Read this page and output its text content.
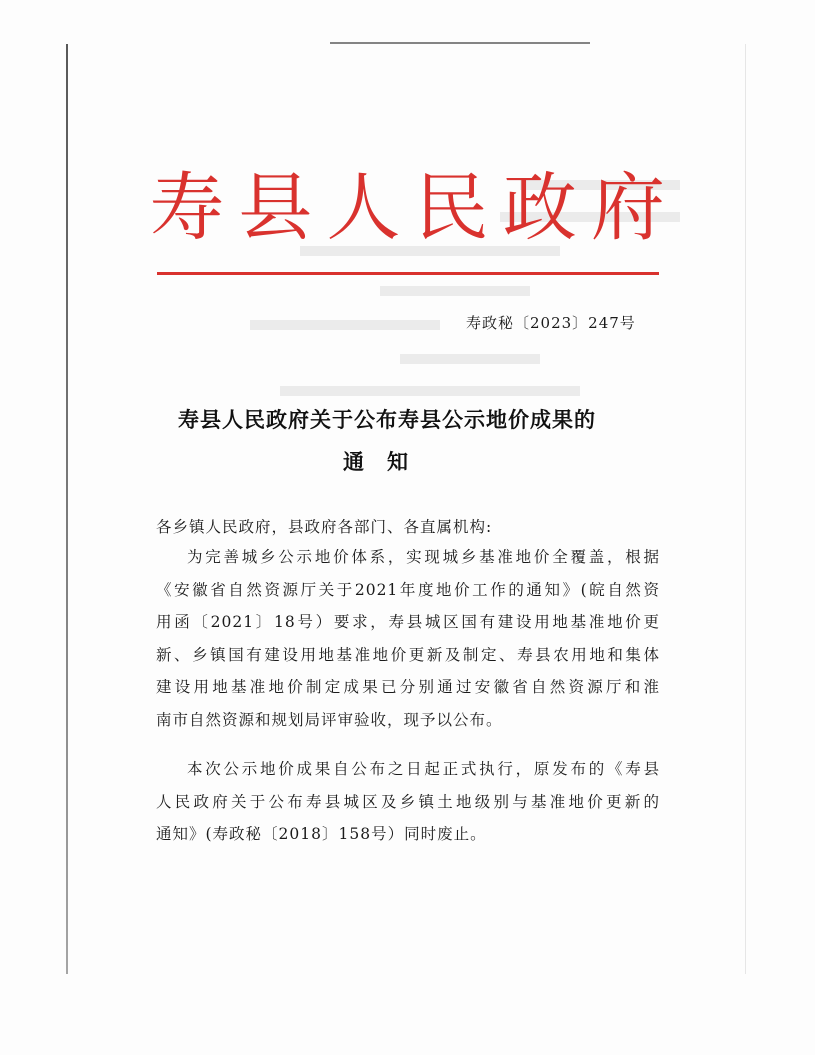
寿 县 人 民 政 府
寿政秘〔2023〕247号
寿县人民政府关于公布寿县公示地价成果的
通　知
各乡镇人民政府，县政府各部门、各直属机构:
为完善城乡公示地价体系，实现城乡基准地价全覆盖，根据
《安徽省自然资源厅关于2021年度地价工作的通知》(皖自然资
用函〔2021〕18号）要求，寿县城区国有建设用地基准地价更
新、乡镇国有建设用地基准地价更新及制定、寿县农用地和集体
建设用地基准地价制定成果已分别通过安徽省自然资源厅和淮
南市自然资源和规划局评审验收，现予以公布。
本次公示地价成果自公布之日起正式执行，原发布的《寿县
人民政府关于公布寿县城区及乡镇土地级别与基准地价更新的
通知》(寿政秘〔2018〕158号）同时废止。
